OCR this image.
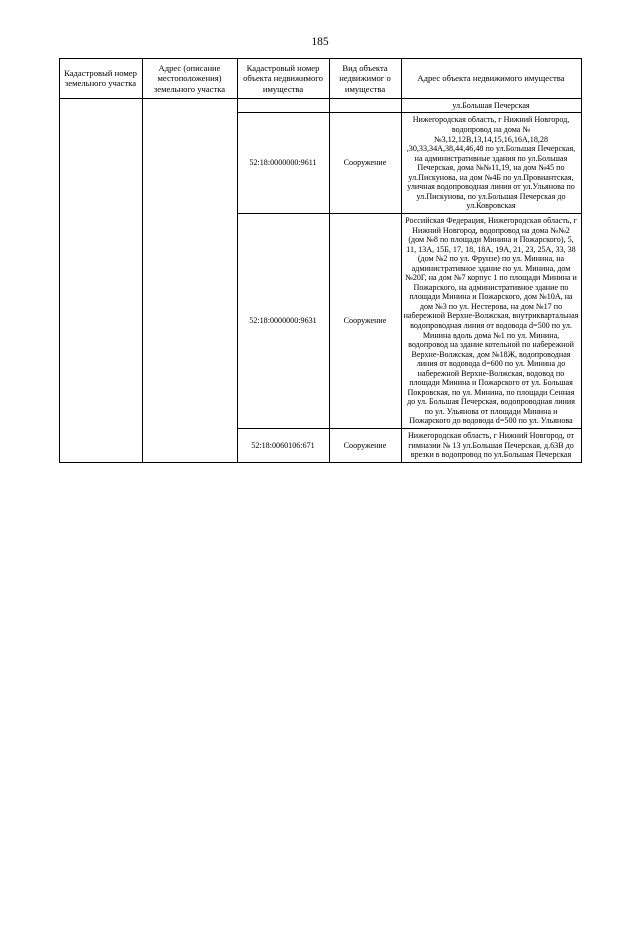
185
Кадастровый номер земельного участка	Адрес (описание местоположения) земельного участка	Кадастровый номер объекта недвижимого имущества	Вид объекта недвижимог о имущества	Адрес объекта недвижимого имущества
				ул.Большая Печерская
		52:18:0000000:9611	Сооружение	Нижегородская область, г Нижний Новгород, водопровод на дома №№3,12,12В,13,14,15,16,16А,18,28 ,30,33,34А,38,44,46,48 по ул.Большая Печерская, на административные здания по ул.Большая Печерская, дома №№11,19, на дом №45 по ул.Пискунова, на дом №4Б по ул.Провиантская, уличная водопроводная линия от ул.Ульянова по ул.Пискунова, по ул.Большая Печерская до ул.Ковровская
		52:18:0000000:9631	Сооружение	Российская Федерация, Нижегородская область, г Нижний Новгород, водопровод на дома №№2 (дом №8 по площади Минина и Пожарского), 5, 11, 13А, 15Б, 17, 18, 18А, 19А, 21, 23, 25А, 33, 38 (дом №2 по ул. Фрунзе) по ул. Минина, на административное здание по ул. Минина, дом №20Г, на дом №7 корпус 1 по площади Минина и Пожарского, на административное здание по площади Минина и Пожарского, дом №10А, на дом №3 по ул. Нестерова, на дом №17 по набережной Верхне-Волжская, внутриквартальная водопроводная линия от водовода d=500 по ул. Минина вдоль дома №1 по ул. Минина, водопровод на здание котельной по набережной Верхне-Волжская, дом №18Ж, водопроводная линия от водовода d=600 по ул. Минина до набережной Верхне-Волжская, водовод по площади Минина и Пожарского от ул. Большая Покровская, по ул. Минина, по площади Сенная до ул. Большая Печерская, водопроводная линия по ул. Ульянова от площади Минина и Пожарского до водовода d=500 по ул. Ульянова
		52:18:0060106:671	Сооружение	Нижегородская область, г Нижний Новгород, от гимназии № 13 ул.Большая Печерская, д.63В до врезки в водопровод по ул.Большая Печерская
